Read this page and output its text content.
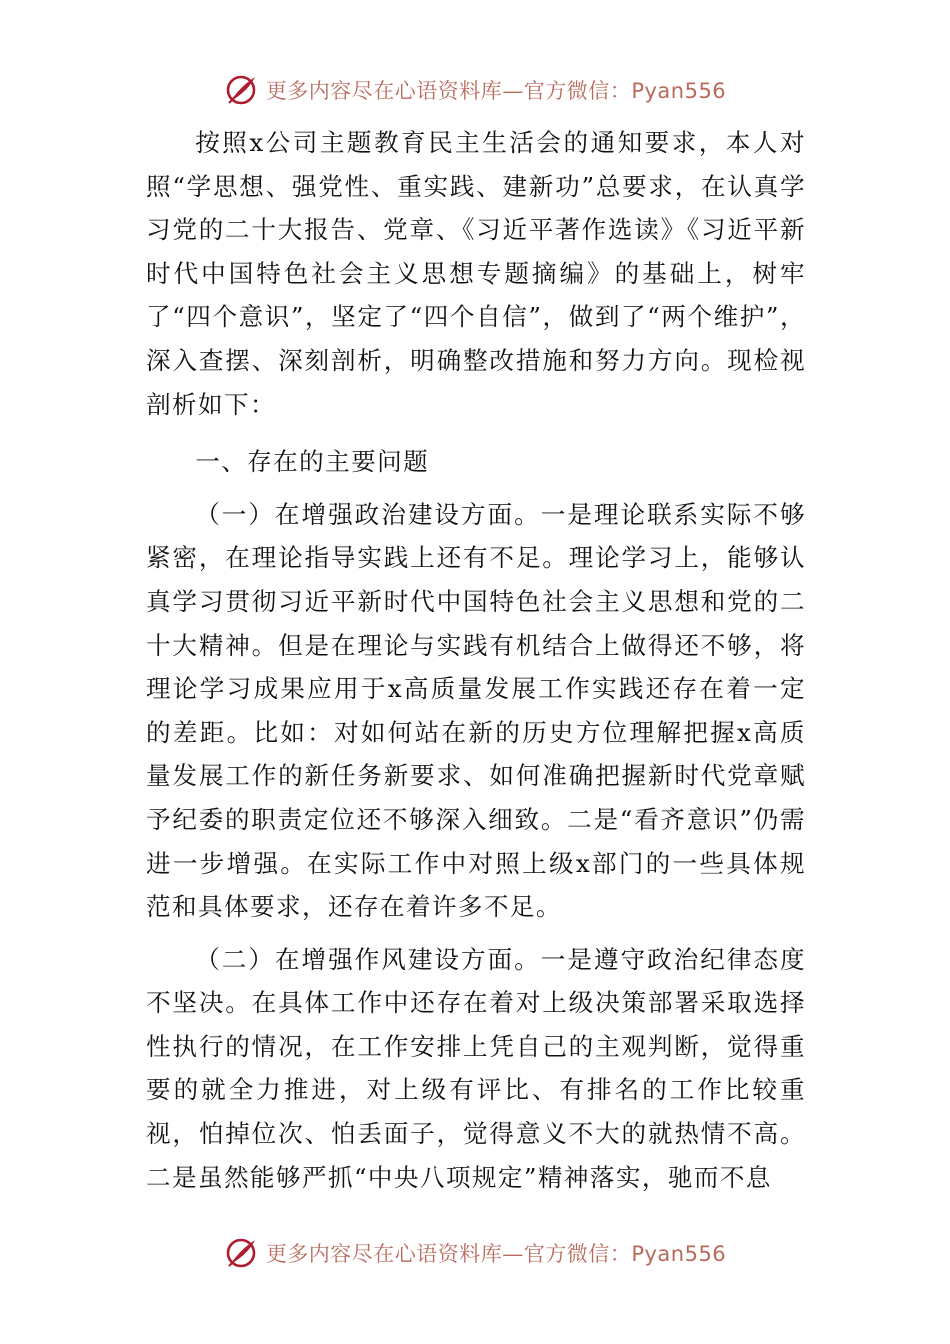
更多内容尽在心语资料库—官方微信：Pyan556

按照x公司主题教育民主生活会的通知要求，本人对照“学思想、强党性、重实践、建新功”总要求，在认真学习党的二十大报告、党章、《习近平著作选读》《习近平新时代中国特色社会主义思想专题摘编》的基础上，树牢了“四个意识”，坚定了“四个自信”，做到了“两个维护”，深入查摆、深刻剖析，明确整改措施和努力方向。现检视剖析如下：

一、存在的主要问题

（一）在增强政治建设方面。一是理论联系实际不够紧密，在理论指导实践上还有不足。理论学习上，能够认真学习贯彻习近平新时代中国特色社会主义思想和党的二十大精神。但是在理论与实践有机结合上做得还不够，将理论学习成果应用于x高质量发展工作实践还存在着一定的差距。比如：对如何站在新的历史方位理解把握x高质量发展工作的新任务新要求、如何准确把握新时代党章赋予纪委的职责定位还不够深入细致。二是“看齐意识”仍需进一步增强。在实际工作中对照上级x部门的一些具体规范和具体要求，还存在着许多不足。

（二）在增强作风建设方面。一是遵守政治纪律态度不坚决。在具体工作中还存在着对上级决策部署采取选择性执行的情况，在工作安排上凭自己的主观判断，觉得重要的就全力推进，对上级有评比、有排名的工作比较重视，怕掉位次、怕丢面子，觉得意义不大的就热情不高。二是虽然能够严抓“中央八项规定”精神落实，驰而不息

更多内容尽在心语资料库—官方微信：Pyan556
